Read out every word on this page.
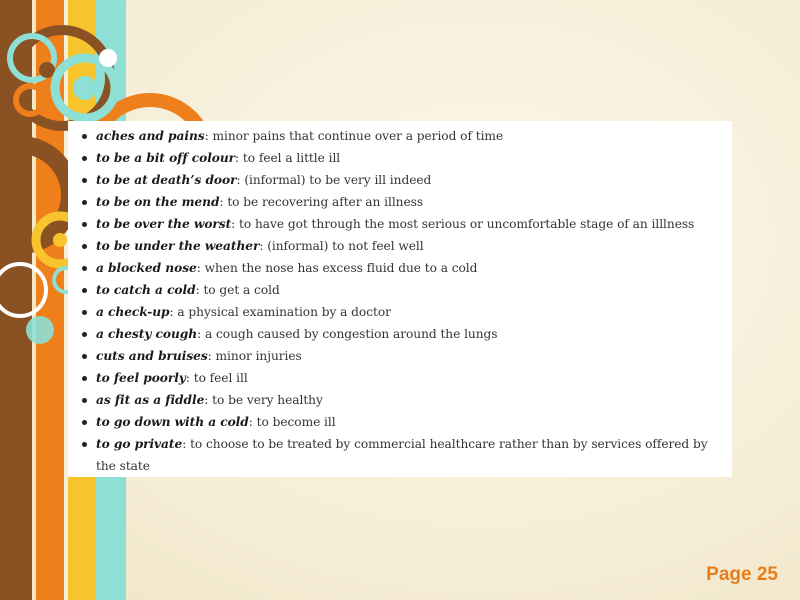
aches and pains: minor pains that continue over a period of time
to be a bit off colour: to feel a little ill
to be at death’s door: (informal) to be very ill indeed
to be on the mend: to be recovering after an illness
to be over the worst: to have got through the most serious or uncomfortable stage of an illlness
to be under the weather: (informal) to not feel well
a blocked nose: when the nose has excess fluid due to a cold
to catch a cold: to get a cold
a check-up: a physical examination by a doctor
a chesty cough: a cough caused by congestion around the lungs
cuts and bruises: minor injuries
to feel poorly: to feel ill
as fit as a fiddle: to be very healthy
to go down with a cold: to become ill
to go private: to choose to be treated by commercial healthcare rather than by services offered by the state
Page 25
